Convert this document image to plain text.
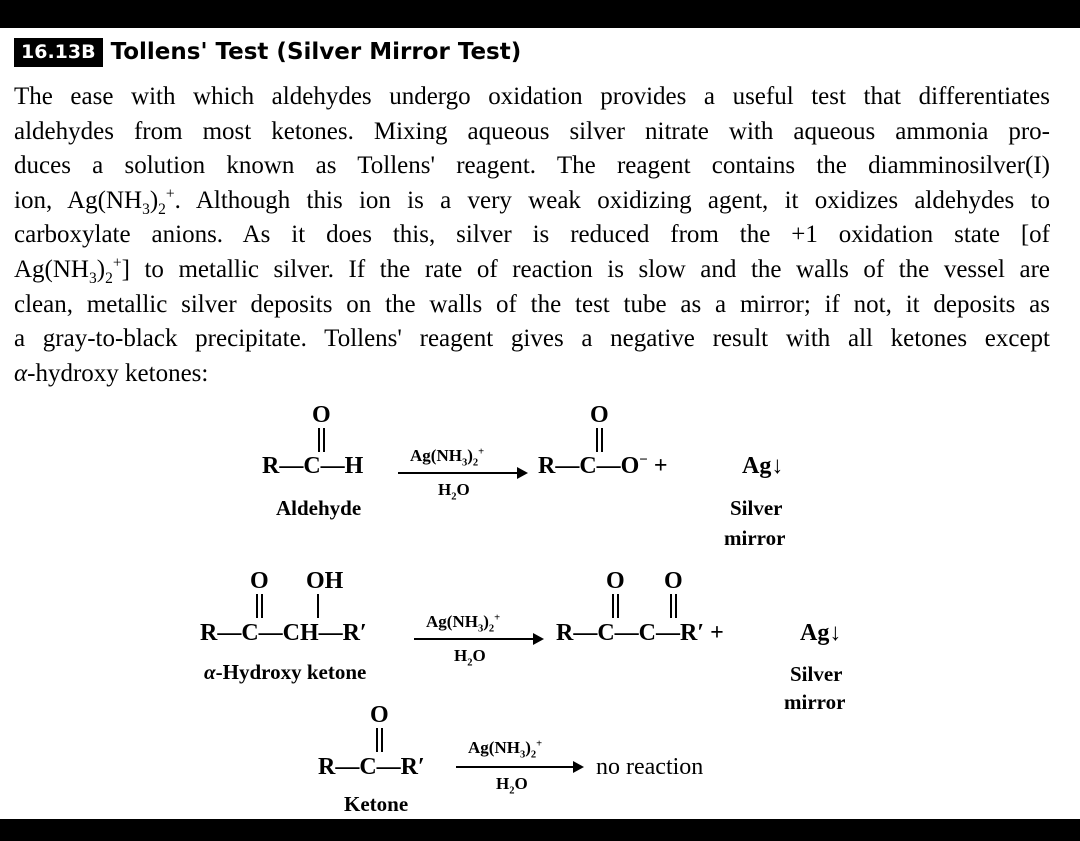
16.13B Tollens' Test (Silver Mirror Test)
The ease with which aldehydes undergo oxidation provides a useful test that differentiates
aldehydes from most ketones. Mixing aqueous silver nitrate with aqueous ammonia pro-
duces a solution known as Tollens' reagent. The reagent contains the diamminosilver(I)
ion, $Ag(NH_3)_2^+$. Although this ion is a very weak oxidizing agent, it oxidizes aldehydes to
carboxylate anions. As it does this, silver is reduced from the +1 oxidation state [of
$Ag(NH_3)_2^+$] to metallic silver. If the rate of reaction is slow and the walls of the vessel are
clean, metallic silver deposits on the walls of the test tube as a mirror; if not, it deposits as
a gray-to-black precipitate. Tollens' reagent gives a negative result with all ketones except
α-hydroxy ketones:
O
R—C—H
Aldehyde
$Ag(NH_3)_2^+$
$H_2O$
O
R—C—O− +	Ag↓
Silver
mirror
O OH
R—C—CH—R′
α-Hydroxy ketone
$Ag(NH_3)_2^+$
$H_2O$
O O
R—C—C—R′ +	Ag↓
Silver
mirror
O
R—C—R′
Ketone
$Ag(NH_3)_2^+$
$H_2O$
no reaction
